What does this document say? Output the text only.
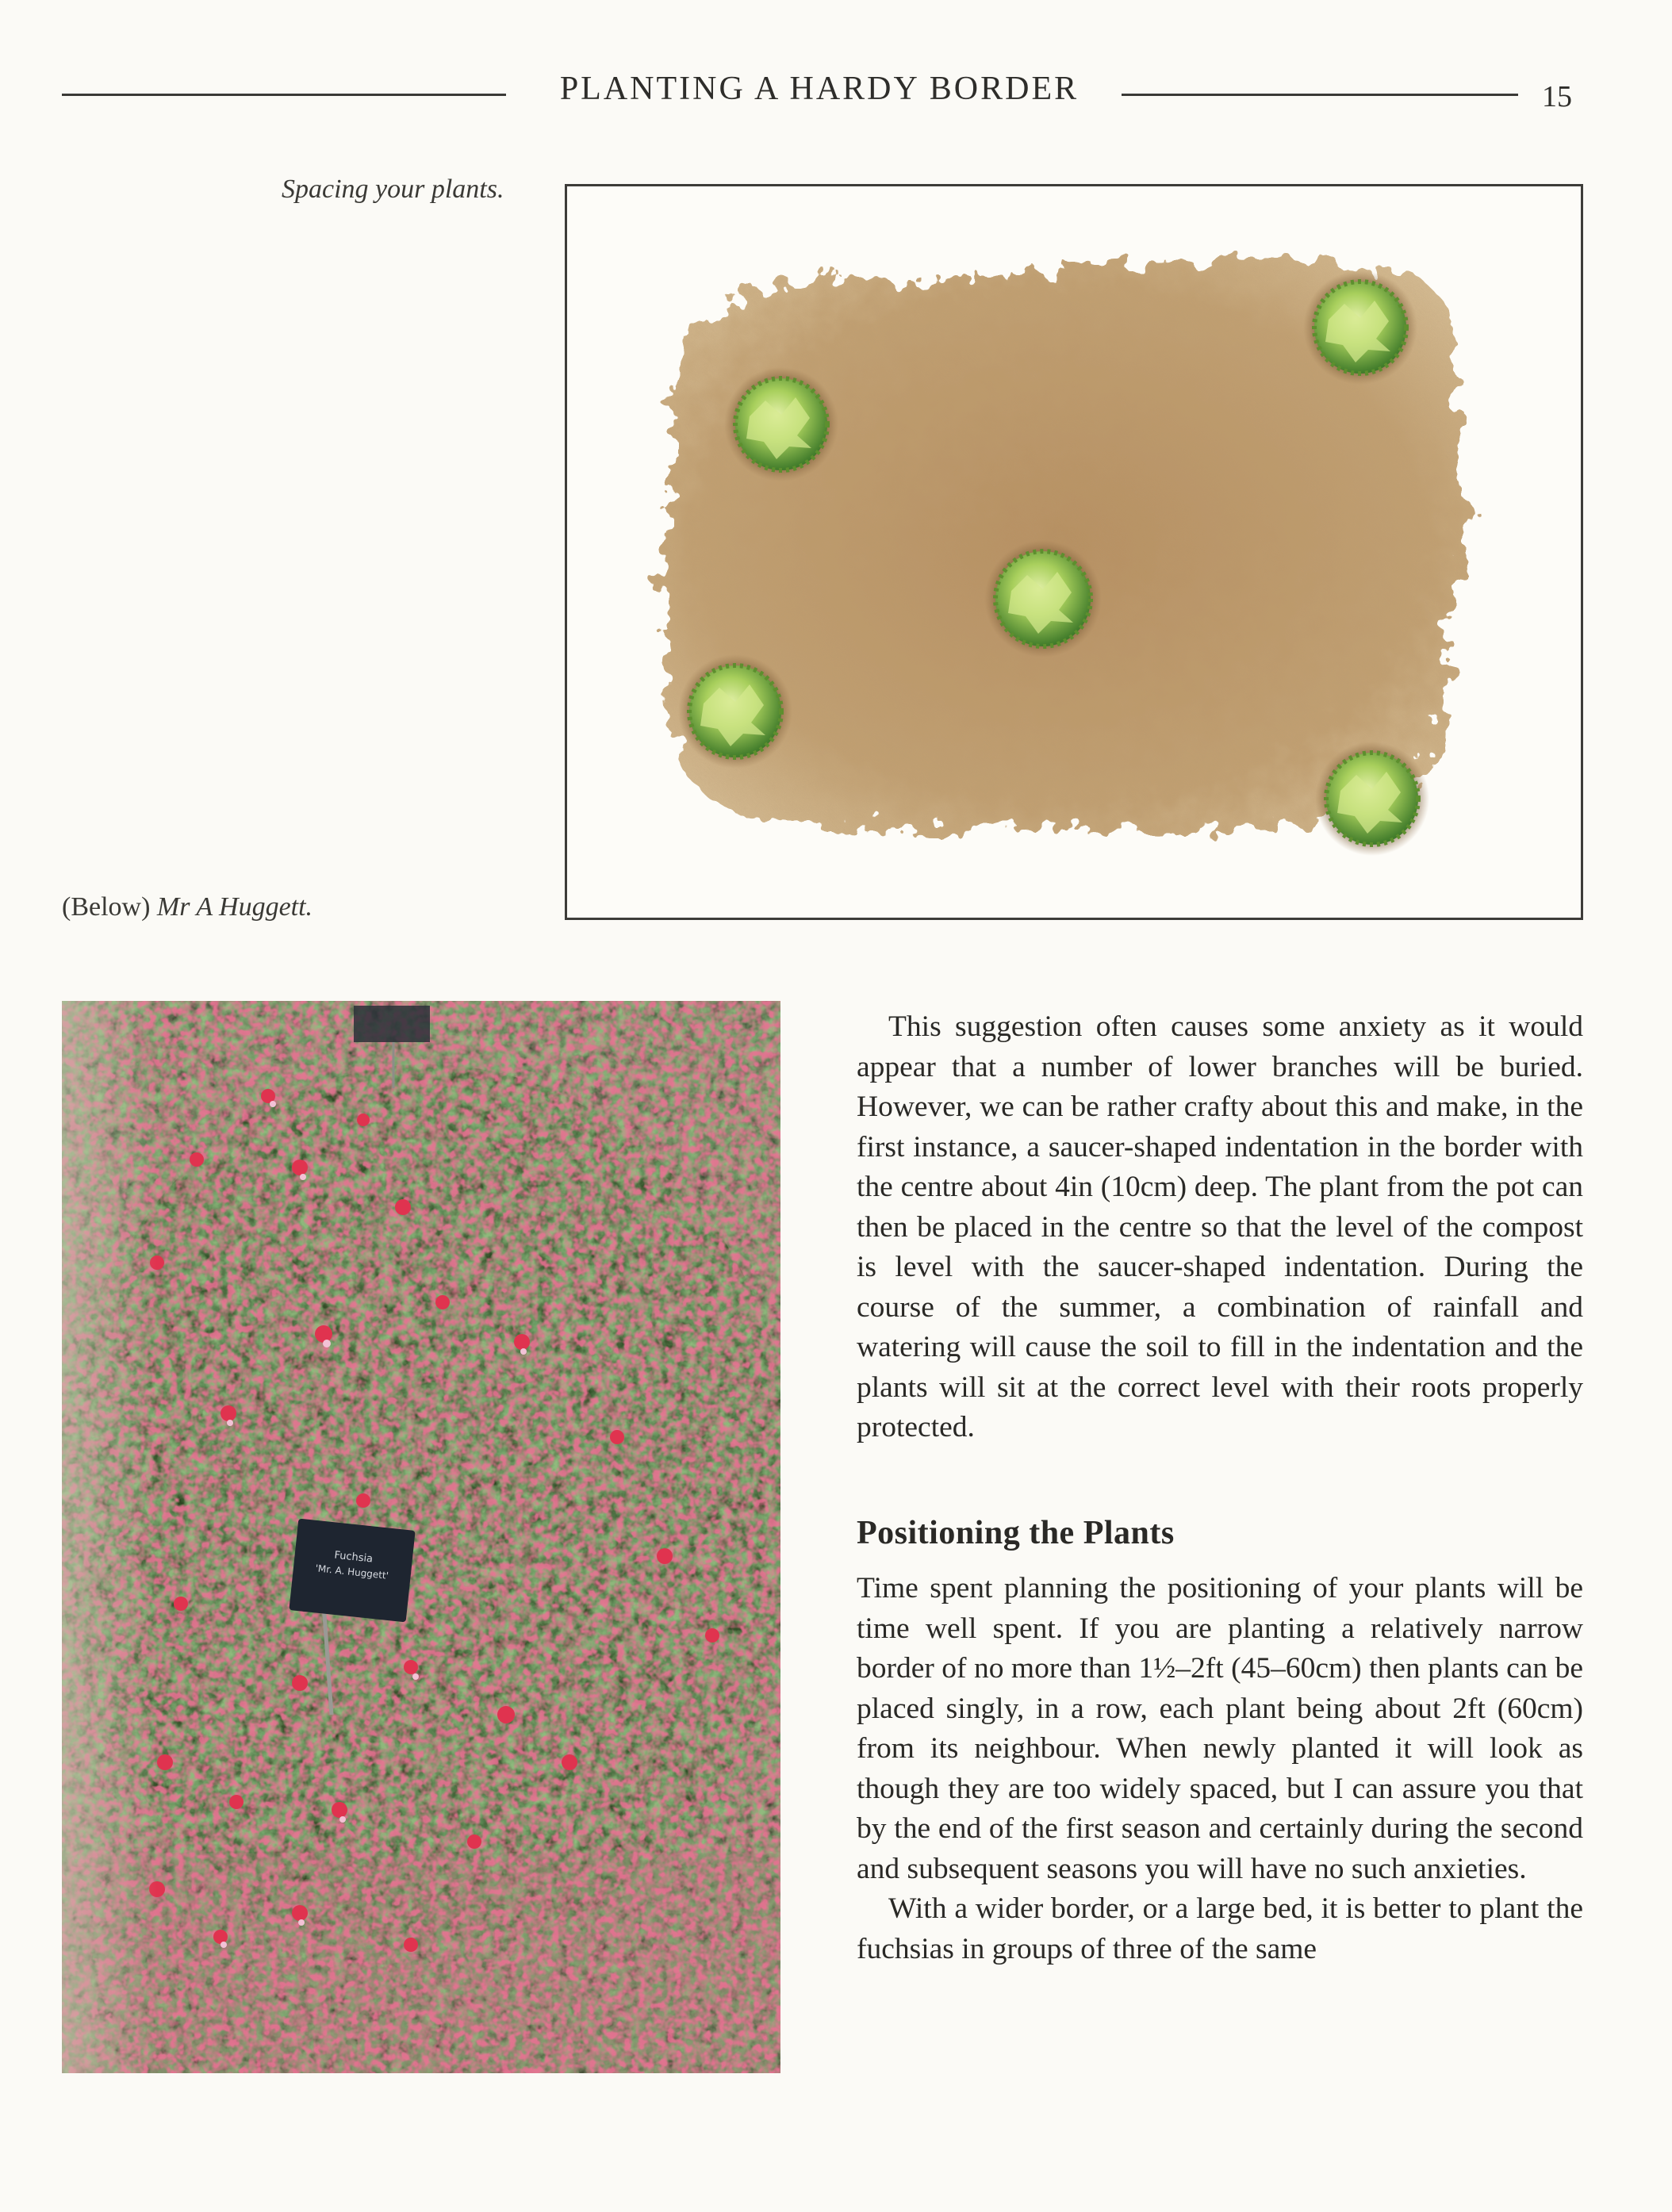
PLANTING A HARDY BORDER	15
Spacing your plants.
(Below) Mr A Huggett.
Fuchsia
'Mr. A. Huggett'

This suggestion often causes some anxiety as it would appear that a number of lower branches will be buried. However, we can be rather crafty about this and make, in the first instance, a saucer-shaped indentation in the border with the centre about 4in (10cm) deep. The plant from the pot can then be placed in the centre so that the level of the compost is level with the saucer-shaped indentation. During the course of the summer, a combination of rainfall and watering will cause the soil to fill in the indentation and the plants will sit at the correct level with their roots properly protected.

Positioning the Plants

Time spent planning the positioning of your plants will be time well spent. If you are planting a relatively narrow border of no more than 1½–2ft (45–60cm) then plants can be placed singly, in a row, each plant being about 2ft (60cm) from its neighbour. When newly planted it will look as though they are too widely spaced, but I can assure you that by the end of the first season and certainly during the second and subsequent seasons you will have no such anxieties.

With a wider border, or a large bed, it is better to plant the fuchsias in groups of three of the same
